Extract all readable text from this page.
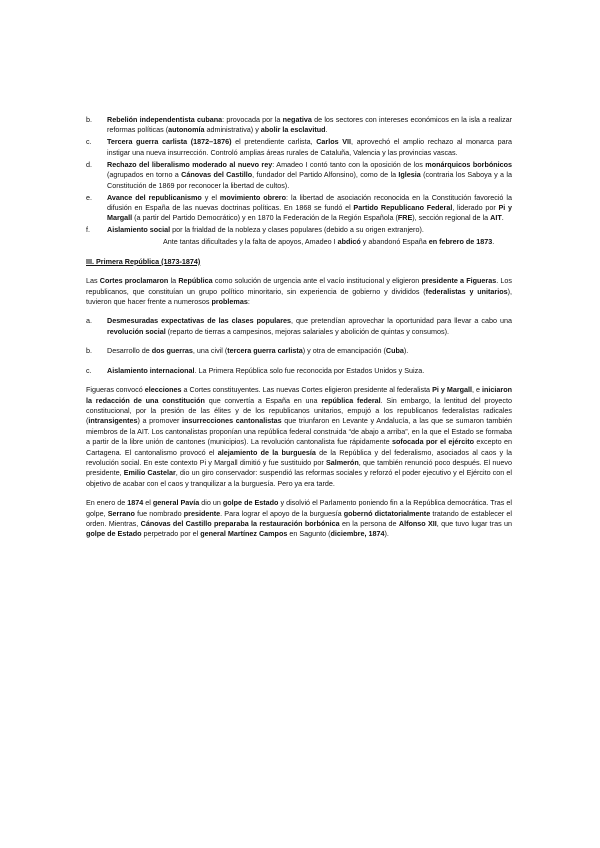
b.	Rebelión independentista cubana: provocada por la negativa de los sectores con intereses económicos en la isla a realizar reformas políticas (autonomía administrativa) y abolir la esclavitud.
c.	Tercera guerra carlista (1872–1876) el pretendiente carlista, Carlos VII, aprovechó el amplio rechazo al monarca para instigar una nueva insurrección. Controló amplias áreas rurales de Cataluña, Valencia y las provincias vascas.
d.	Rechazo del liberalismo moderado al nuevo rey: Amadeo I contó tanto con la oposición de los monárquicos borbónicos (agrupados en torno a Cánovas del Castillo, fundador del Partido Alfonsino), como de la Iglesia (contraria los Saboya y a la Constitución de 1869 por reconocer la libertad de cultos).
e.	Avance del republicanismo y el movimiento obrero: la libertad de asociación reconocida en la Constitución favoreció la difusión en España de las nuevas doctrinas políticas. En 1868 se fundó el Partido Republicano Federal, liderado por Pi y Margall (a partir del Partido Democrático) y en 1870 la Federación de la Región Española (FRE), sección regional de la AIT.
f.	Aislamiento social por la frialdad de la nobleza y clases populares (debido a su origen extranjero).

Ante tantas dificultades y la falta de apoyos, Amadeo I abdicó y abandonó España en febrero de 1873.

III. Primera República (1873-1874)

Las Cortes proclamaron la República como solución de urgencia ante el vacío institucional y eligieron presidente a Figueras. Los republicanos, que constituían un grupo político minoritario, sin experiencia de gobierno y divididos (federalistas y unitarios), tuvieron que hacer frente a numerosos problemas:

a.	Desmesuradas expectativas de las clases populares, que pretendían aprovechar la oportunidad para llevar a cabo una revolución social (reparto de tierras a campesinos, mejoras salariales y abolición de quintas y consumos).
b.	Desarrollo de dos guerras, una civil (tercera guerra carlista) y otra de emancipación (Cuba).
c.	Aislamiento internacional. La Primera República solo fue reconocida por Estados Unidos y Suiza.

Figueras convocó elecciones a Cortes constituyentes. Las nuevas Cortes eligieron presidente al federalista Pi y Margall, e iniciaron la redacción de una constitución que convertía a España en una república federal. Sin embargo, la lentitud del proyecto constitucional, por la presión de las élites y de los republicanos unitarios, empujó a los republicanos federalistas radicales (intransigentes) a promover insurrecciones cantonalistas que triunfaron en Levante y Andalucía, a las que se sumaron también miembros de la AIT. Los cantonalistas proponían una república federal construida “de abajo a arriba”, en la que el Estado se formaba a partir de la libre unión de cantones (municipios). La revolución cantonalista fue rápidamente sofocada por el ejército excepto en Cartagena. El cantonalismo provocó el alejamiento de la burguesía de la República y del federalismo, asociados al caos y la revolución social. En este contexto Pi y Margall dimitió y fue sustituido por Salmerón, que también renunció poco después. El nuevo presidente, Emilio Castelar, dio un giro conservador: suspendió las reformas sociales y reforzó el poder ejecutivo y el Ejército con el objetivo de acabar con el caos y tranquilizar a la burguesía. Pero ya era tarde.

En enero de 1874 el general Pavía dio un golpe de Estado y disolvió el Parlamento poniendo fin a la República democrática. Tras el golpe, Serrano fue nombrado presidente. Para lograr el apoyo de la burguesía gobernó dictatorialmente tratando de establecer el orden. Mientras, Cánovas del Castillo preparaba la restauración borbónica en la persona de Alfonso XII, que tuvo lugar tras un golpe de Estado perpetrado por el general Martínez Campos en Sagunto (diciembre, 1874).
